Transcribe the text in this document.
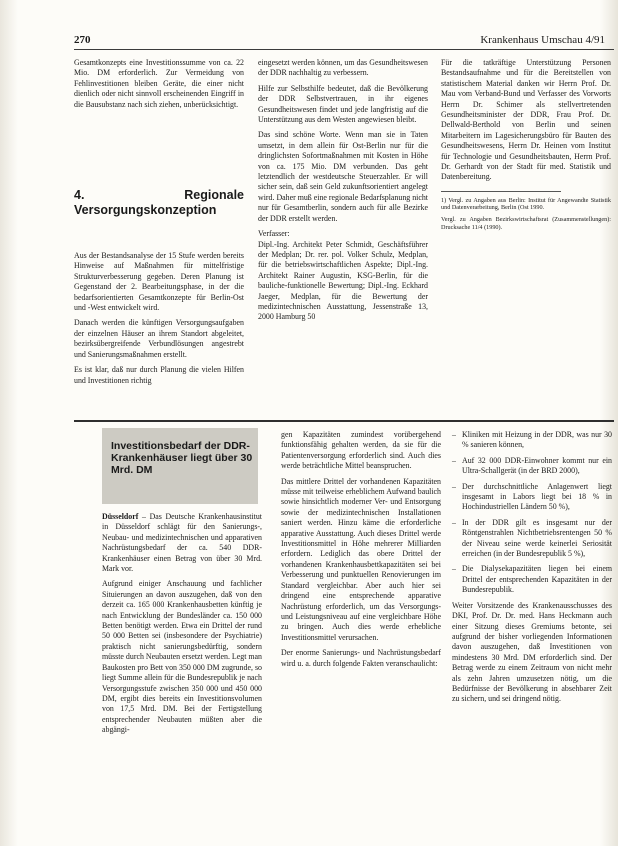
270	Krankenhaus Umschau 4/91

Gesamtkonzepts eine Investitionssumme von ca. 22 Mio. DM erforderlich. Zur Vermeidung von Fehlinvestitionen bleiben Geräte, die einer nicht dienlich oder nicht sinnvoll erscheinenden Eingriff in die Bausubstanz nach sich ziehen, unberücksichtigt.

4. Regionale Versorgungskonzeption

Aus der Bestandsanalyse der 15 Stufe werden bereits Hinweise auf Maßnahmen für mittelfristige Strukturverbesserung gegeben. Deren Planung ist Gegenstand der 2. Bearbeitungsphase, in der die bedarfsorientierten Gesamtkonzepte für Berlin-Ost und -West entwickelt wird.

Danach werden die künftigen Versorgungsaufgaben der einzelnen Häuser an ihrem Standort abgeleitet, bezirksübergreifende Verbundlösungen angestrebt und Sanierungsmaßnahmen erstellt.

Es ist klar, daß nur durch Planung die vielen Hilfen und Investitionen richtig

eingesetzt werden können, um das Gesundheitswesen der DDR nachhaltig zu verbessern.

Hilfe zur Selbsthilfe bedeutet, daß die Bevölkerung der DDR Selbstvertrauen, in ihr eigenes Gesundheitswesen findet und jede langfristig auf die Unterstützung aus dem Westen angewiesen bleibt.

Das sind schöne Worte. Wenn man sie in Taten umsetzt, in dem allein für Ost-Berlin nur für die dringlichsten Sofortmaßnahmen mit Kosten in Höhe von ca. 175 Mio. DM verbunden. Das geht letztendlich der westdeutsche Steuerzahler. Er will sicher sein, daß sein Geld zukunftsorientiert angelegt wird. Daher muß eine regionale Bedarfsplanung nicht nur für Gesamtberlin, sondern auch für alle Bezirke der DDR erstellt werden.

Verfasser:

Dipl.-Ing. Architekt Peter Schmidt, Geschäftsführer der Medplan; Dr. rer. pol. Volker Schulz, Medplan, für die betriebswirtschaftlichen Aspekte; Dipl.-Ing. Architekt Rainer Augustin, KSG-Berlin, für die bauliche-funktionelle Bewertung; Dipl.-Ing. Eckhard Jaeger, Medplan, für die Bewertung der medizintechnischen Ausstattung, Jessenstraße 13, 2000 Hamburg 50

Für die tatkräftige Unterstützung Personen Bestandsaufnahme und für die Bereitstellen von statistischem Material danken wir Herrn Prof. Dr. Mau vom Verband-Bund und Verfasser des Vorworts Herrn Dr. Schimer als stellvertretenden Gesundheitsminister der DDR, Frau Prof. Dr. Dellwald-Berthold von Berlin und seinen Mitarbeitern im Lagesicherungsbüro für Bauten des Gesundheitswesens, Herrn Dr. Heinen vom Institut für Technologie und Gesundheitsbauten, Herrn Prof. Dr. Gerhardt von der Stadt für med. Statistik und Datenbereitung.

1) Vergl. zu Angaben aus Berlin: Institut für Angewandte Statistik und Datenverarbeitung, Berlin (Ost 1990.

Vergl. zu Angaben Bezirkswirtschaftsrat (Zusammenstellungen): Drucksache 11/4 (1990).

Investitionsbedarf der DDR-Krankenhäuser liegt über 30 Mrd. DM

Düsseldorf – Das Deutsche Krankenhausinstitut in Düsseldorf schlägt für den Sanierungs-, Neubau- und medizintechnischen und apparativen Nachrüstungsbedarf der ca. 540 DDR-Krankenhäuser einen Betrag von über 30 Mrd. Mark vor.

Aufgrund einiger Anschauung und fachlicher Situierungen an davon auszugehen, daß von den derzeit ca. 165 000 Krankenhausbetten künftig je nach Entwicklung der Bundesländer ca. 150 000 Betten benötigt werden. Etwa ein Drittel der rund 50 000 Betten sei (insbesondere der Psychiatrie) praktisch nicht sanierungsbedürftig, sondern müsste durch Neubauten ersetzt werden. Legt man Baukosten pro Bett von 350 000 DM zugrunde, so liegt Summe allein für die Bundesrepublik je nach Versorgungsstufe zwischen 350 000 und 450 000 DM, ergibt dies bereits ein Investitionsvolumen von 17,5 Mrd. DM. Bei der Fertigstellung entsprechender Neubauten müßten aber die abgängi-

gen Kapazitäten zumindest vorübergehend funktionsfähig gehalten werden, da sie für die Patientenversorgung erforderlich sind. Auch dies werde beträchtliche Mittel beanspruchen.

Das mittlere Drittel der vorhandenen Kapazitäten müsse mit teilweise erheblichem Aufwand baulich sowie hinsichtlich moderner Ver- und Entsorgung sowie der medizintechnischen Installationen saniert werden. Hinzu käme die erforderliche apparative Ausstattung. Auch dieses Drittel werde Investitionsmittel in Höhe mehrerer Milliarden erfordern. Lediglich das obere Drittel der vorhandenen Krankenhausbettkapazitäten sei bei Verbesserung und punktuellen Renovierungen im Standard vergleichbar. Aber auch hier sei dringend eine entsprechende apparative Nachrüstung erforderlich, um das Versorgungs- und Leistungsniveau auf eine vergleichbare Höhe zu bringen. Auch dies werde erhebliche Investitionsmittel verursachen.

Der enorme Sanierungs- und Nachrüstungsbedarf wird u. a. durch folgende Fakten veranschaulicht:

– Kliniken mit Heizung in der DDR, was nur 30 % sanieren können,

– Auf 32 000 DDR-Einwohner kommt nur ein Ultra-Schallgerät (in der BRD 2000),

– Der durchschnittliche Anlagenwert liegt insgesamt in Labors liegt bei 18 % in Hochindustriellen Ländern 50 %),

– In der DDR gilt es insgesamt nur der Röntgenstrahlen Nichtbetriebsrentengen 50 % der Niveau seine werde keinerlei Seriosität erreichen (in der Bundesrepublik 5 %),

– Die Dialysekapazitäten liegen bei einem Drittel der entsprechenden Kapazitäten in der Bundesrepublik.

Weiter Vorsitzende des Krankenausschusses des DKI, Prof. Dr. Dr. med. Hans Heckmann auch einer Sitzung dieses Gremiums betonte, sei aufgrund der bisher vorliegenden Informationen davon auszugehen, daß Investitionen von mindestens 30 Mrd. DM erforderlich sind. Der Betrag werde zu einem Zeitraum von nicht mehr als zehn Jahren umzusetzen nötig, um die Bedürfnisse der Bevölkerung in absehbarer Zeit zu sichern, und sei dringend nötig.
